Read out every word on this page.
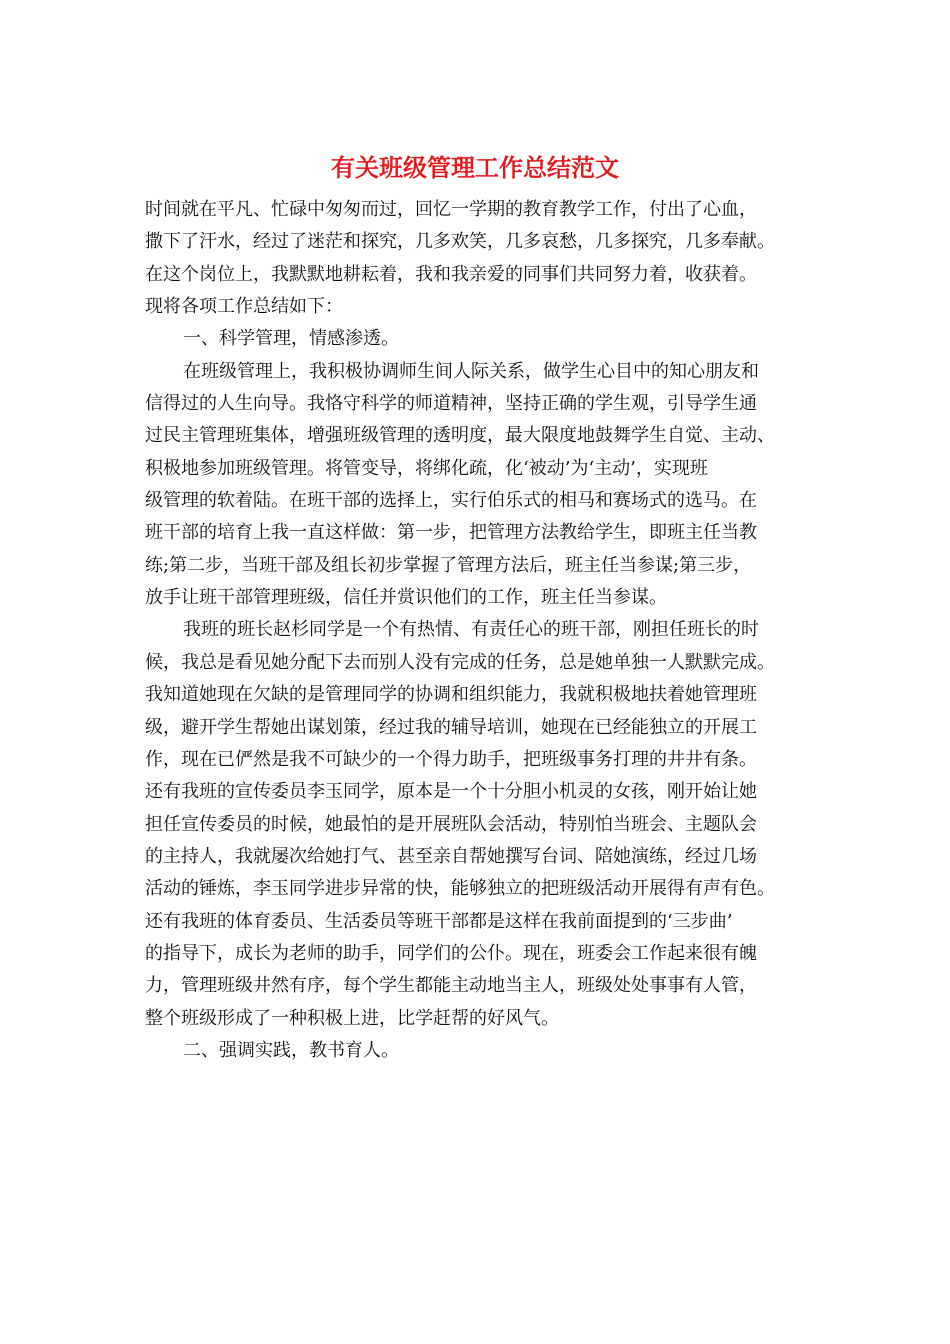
有关班级管理工作总结范文
时间就在平凡、忙碌中匆匆而过，回忆一学期的教育教学工作，付出了心血，
撒下了汗水，经过了迷茫和探究，几多欢笑，几多哀愁，几多探究，几多奉献。
在这个岗位上，我默默地耕耘着，我和我亲爱的同事们共同努力着，收获着。
现将各项工作总结如下：
一、科学管理，情感渗透。
在班级管理上，我积极协调师生间人际关系，做学生心目中的知心朋友和
信得过的人生向导。我恪守科学的师道精神，坚持正确的学生观，引导学生通
过民主管理班集体，增强班级管理的透明度，最大限度地鼓舞学生自觉、主动、
积极地参加班级管理。将管变导，将绑化疏，化‘被动’为‘主动’，实现班
级管理的软着陆。在班干部的选择上，实行伯乐式的相马和赛场式的选马。在
班干部的培育上我一直这样做：第一步，把管理方法教给学生，即班主任当教
练;第二步，当班干部及组长初步掌握了管理方法后，班主任当参谋;第三步，
放手让班干部管理班级，信任并赏识他们的工作，班主任当参谋。
我班的班长赵杉同学是一个有热情、有责任心的班干部，刚担任班长的时
候，我总是看见她分配下去而别人没有完成的任务，总是她单独一人默默完成。
我知道她现在欠缺的是管理同学的协调和组织能力，我就积极地扶着她管理班
级，避开学生帮她出谋划策，经过我的辅导培训，她现在已经能独立的开展工
作，现在已俨然是我不可缺少的一个得力助手，把班级事务打理的井井有条。
还有我班的宣传委员李玉同学，原本是一个十分胆小机灵的女孩，刚开始让她
担任宣传委员的时候，她最怕的是开展班队会活动，特别怕当班会、主题队会
的主持人，我就屡次给她打气、甚至亲自帮她撰写台词、陪她演练，经过几场
活动的锤炼，李玉同学进步异常的快，能够独立的把班级活动开展得有声有色。
还有我班的体育委员、生活委员等班干部都是这样在我前面提到的‘三步曲’
的指导下，成长为老师的助手，同学们的公仆。现在，班委会工作起来很有魄
力，管理班级井然有序，每个学生都能主动地当主人，班级处处事事有人管，
整个班级形成了一种积极上进，比学赶帮的好风气。
二、强调实践，教书育人。
